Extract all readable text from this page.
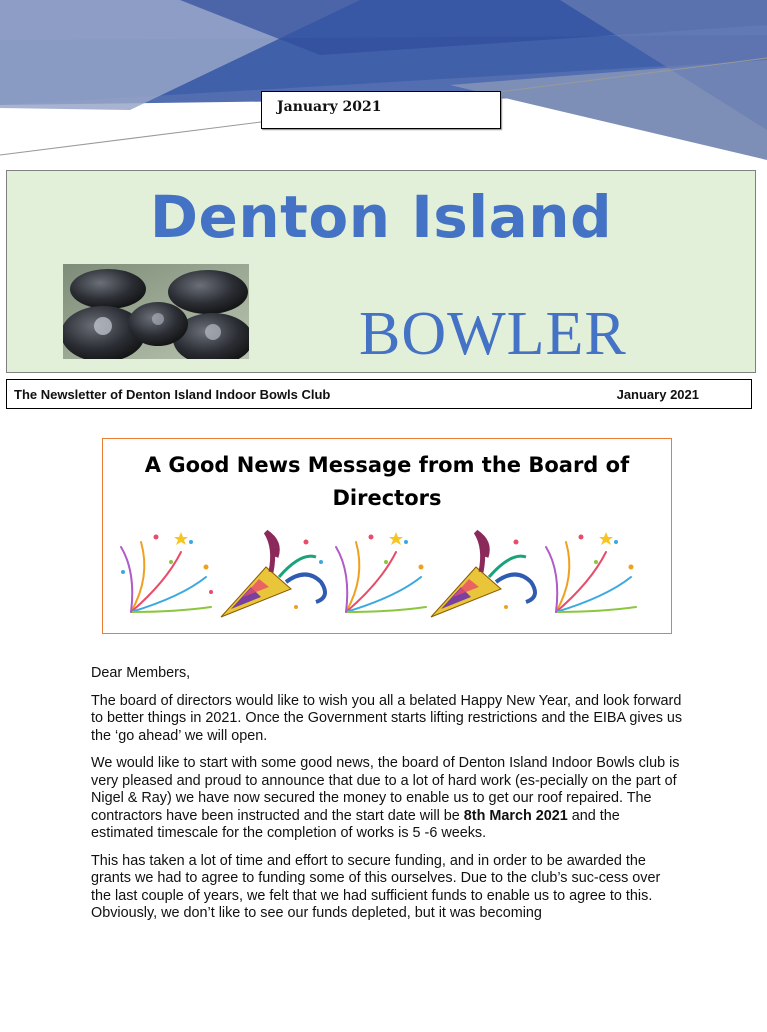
January 2021
Denton Island
BOWLER
The Newsletter of Denton Island Indoor Bowls Club	January 2021
A Good News Message from the Board of Directors

Dear Members,

The board of directors would like to wish you all a belated Happy New Year, and look forward to better things in 2021. Once the Government starts lifting restrictions and the EIBA gives us the ‘go ahead’ we will open.

We would like to start with some good news, the board of Denton Island Indoor Bowls club is very pleased and proud to announce that due to a lot of hard work (es-pecially on the part of Nigel & Ray) we have now secured the money to enable us to get our roof repaired. The contractors have been instructed and the start date will be 8th March 2021 and the estimated timescale for the completion of works is 5 -6 weeks.

This has taken a lot of time and effort to secure funding, and in order to be awarded the grants we had to agree to funding some of this ourselves. Due to the club’s suc-cess over the last couple of years, we felt that we had sufficient funds to enable us to agree to this. Obviously, we don’t like to see our funds depleted, but it was becoming
